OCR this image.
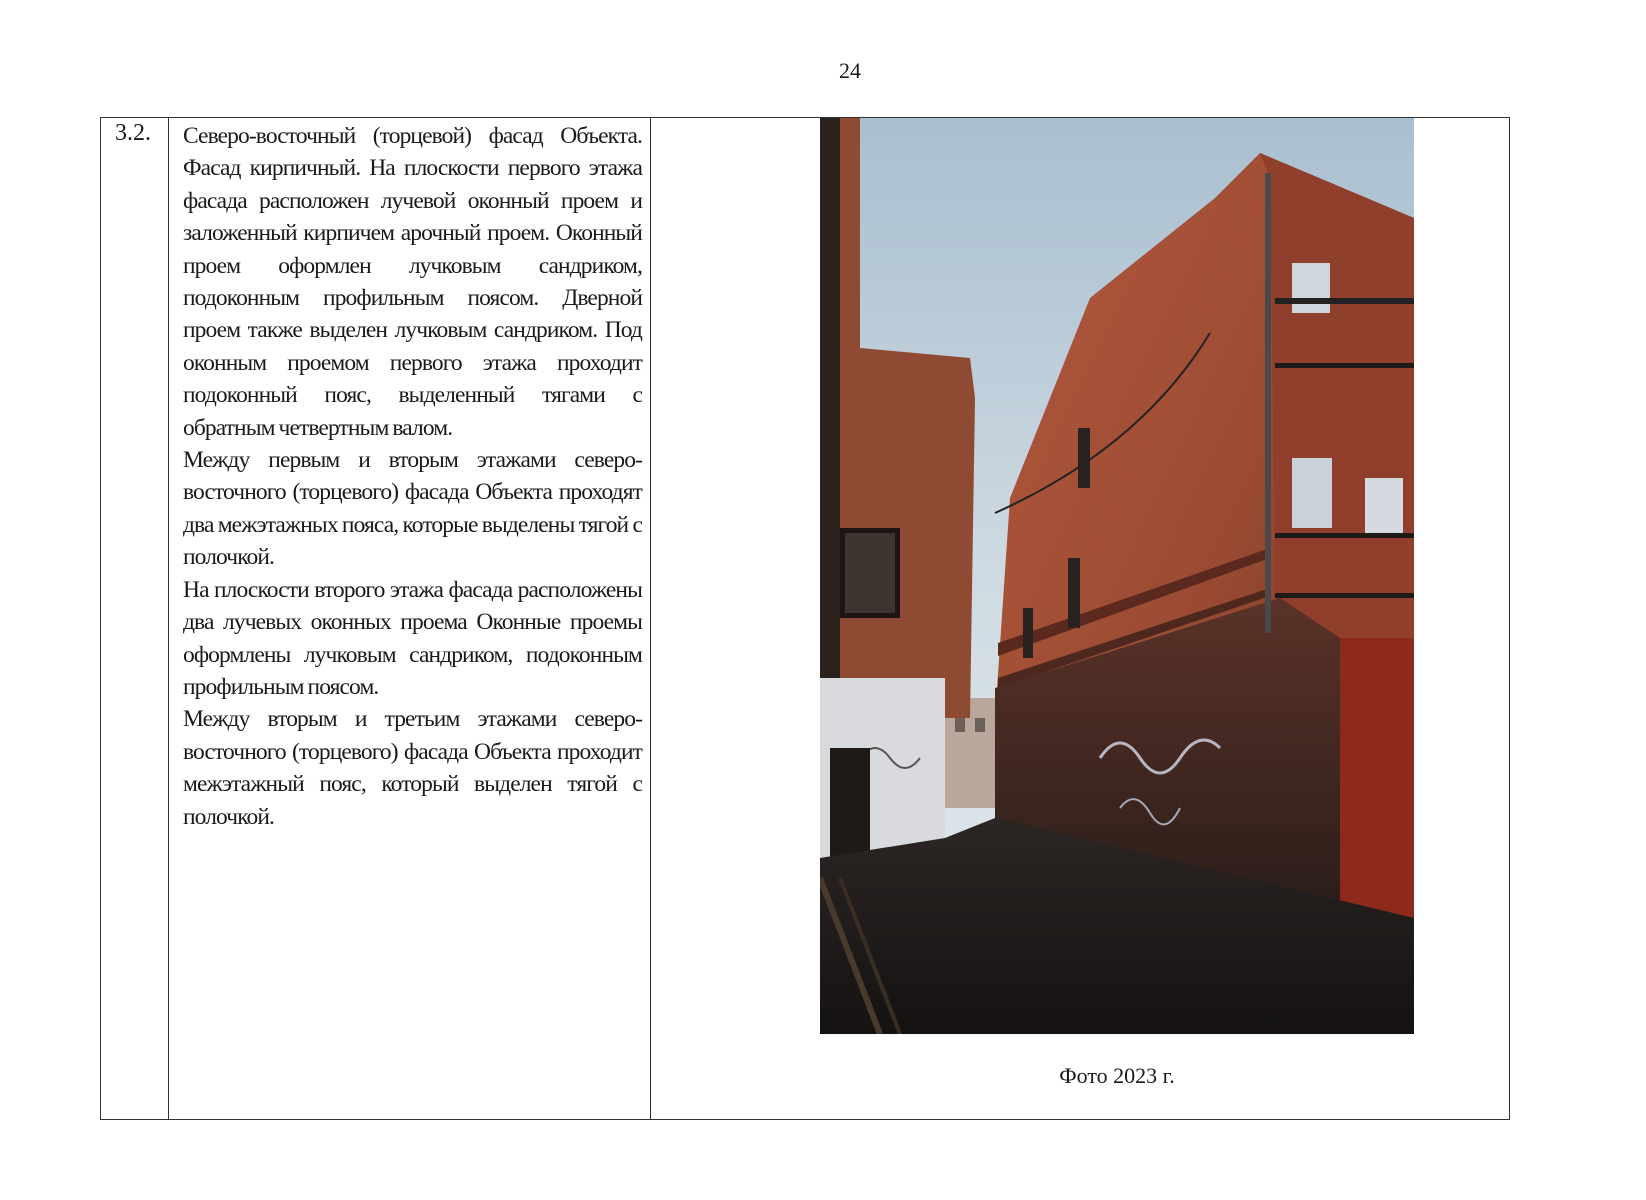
24
3.2.	Северо-восточный (торцевой) фасад Объекта. Фасад кирпичный. На плоскости первого этажа фасада расположен лучевой оконный проем и заложенный кирпичем арочный проем. Оконный проем оформлен лучковым сандриком, подоконным профильным поясом. Дверной проем также выделен лучковым сандриком. Под оконным проемом первого этажа проходит подоконный пояс, выделенный тягами с обратным четвертным валом.

Между первым и вторым этажами северо-восточного (торцевого) фасада Объекта проходят два межэтажных пояса, которые выделены тягой с полочкой.

На плоскости второго этажа фасада расположены два лучевых оконных проема Оконные проемы оформлены лучковым сандриком, подоконным профильным поясом.

Между вторым и третьим этажами северо-восточного (торцевого) фасада Объекта проходит межэтажный пояс, который выделен тягой с полочкой.

Фото 2023 г.
